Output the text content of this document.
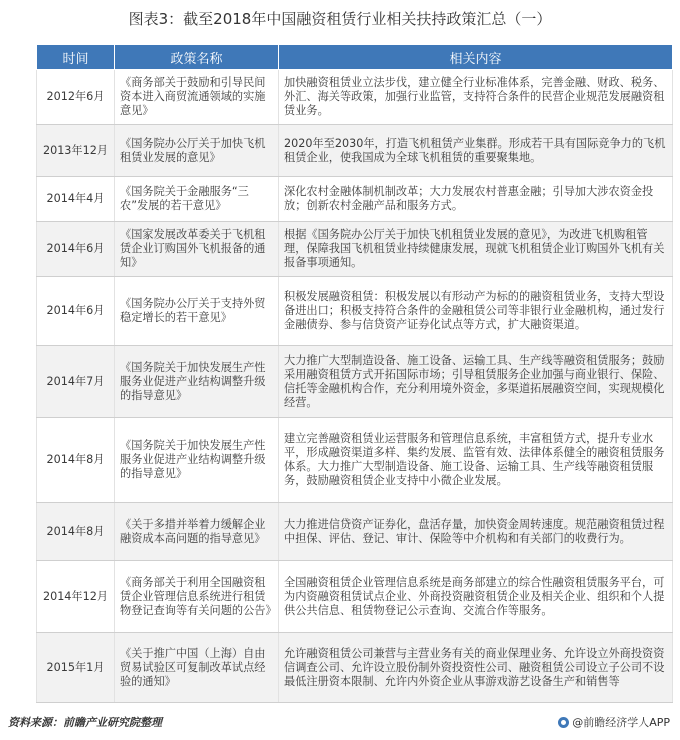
图表3：截至2018年中国融资租赁行业相关扶持政策汇总（一）
时间	政策名称	相关内容
2012年6月	《商务部关于鼓励和引导民间资本进入商贸流通领域的实施意见》	加快融资租赁业立法步伐，建立健全行业标准体系，完善金融、财政、税务、外汇、海关等政策，加强行业监管，支持符合条件的民营企业规范发展融资租赁业务。
2013年12月	《国务院办公厅关于加快飞机租赁业发展的意见》	2020年至2030年，打造飞机租赁产业集群。形成若干具有国际竞争力的飞机租赁企业，使我国成为全球飞机租赁的重要聚集地。
2014年4月	《国务院关于金融服务“三农”发展的若干意见》	深化农村金融体制机制改革；大力发展农村普惠金融；引导加大涉农资金投放；创新农村金融产品和服务方式。
2014年6月	《国家发展改革委关于飞机租赁企业订购国外飞机报备的通知》	根据《国务院办公厅关于加快飞机租赁业发展的意见》，为改进飞机购租管理，保障我国飞机租赁业持续健康发展，现就飞机租赁企业订购国外飞机有关报备事项通知。
2014年6月	《国务院办公厅关于支持外贸稳定增长的若干意见》	积极发展融资租赁：积极发展以有形动产为标的的融资租赁业务，支持大型设备进出口；积极支持符合条件的金融租赁公司等非银行业金融机构，通过发行金融债券、参与信贷资产证券化试点等方式，扩大融资渠道。
2014年7月	《国务院关于加快发展生产性服务业促进产业结构调整升级的指导意见》	大力推广大型制造设备、施工设备、运输工具、生产线等融资租赁服务；鼓励采用融资租赁方式开拓国际市场；引导租赁服务企业加强与商业银行、保险、信托等金融机构合作，充分利用境外资金，多渠道拓展融资空间，实现规模化经营。
2014年8月	《国务院关于加快发展生产性服务业促进产业结构调整升级的指导意见》	建立完善融资租赁业运营服务和管理信息系统，丰富租赁方式，提升专业水平，形成融资渠道多样、集约发展、监管有效、法律体系健全的融资租赁服务体系。大力推广大型制造设备、施工设备、运输工具、生产线等融资租赁服务，鼓励融资租赁企业支持中小微企业发展。
2014年8月	《关于多措并举着力缓解企业融资成本高问题的指导意见》	大力推进信贷资产证券化，盘活存量，加快资金周转速度。规范融资租赁过程中担保、评估、登记、审计、保险等中介机构和有关部门的收费行为。
2014年12月	《商务部关于利用全国融资租赁企业管理信息系统进行租赁物登记查询等有关问题的公告》	全国融资租赁企业管理信息系统是商务部建立的综合性融资租赁服务平台，可为内资融资租赁试点企业、外商投资融资租赁企业及相关企业、组织和个人提供公共信息、租赁物登记公示查询、交流合作等服务。
2015年1月	《关于推广中国（上海）自由贸易试验区可复制改革试点经验的通知》	允许融资租赁公司兼营与主营业务有关的商业保理业务、允许设立外商投资资信调查公司、允许设立股份制外资投资性公司、融资租赁公司设立子公司不设最低注册资本限制、允许内外资企业从事游戏游艺设备生产和销售等
资料来源：前瞻产业研究院整理	@前瞻经济学人APP
